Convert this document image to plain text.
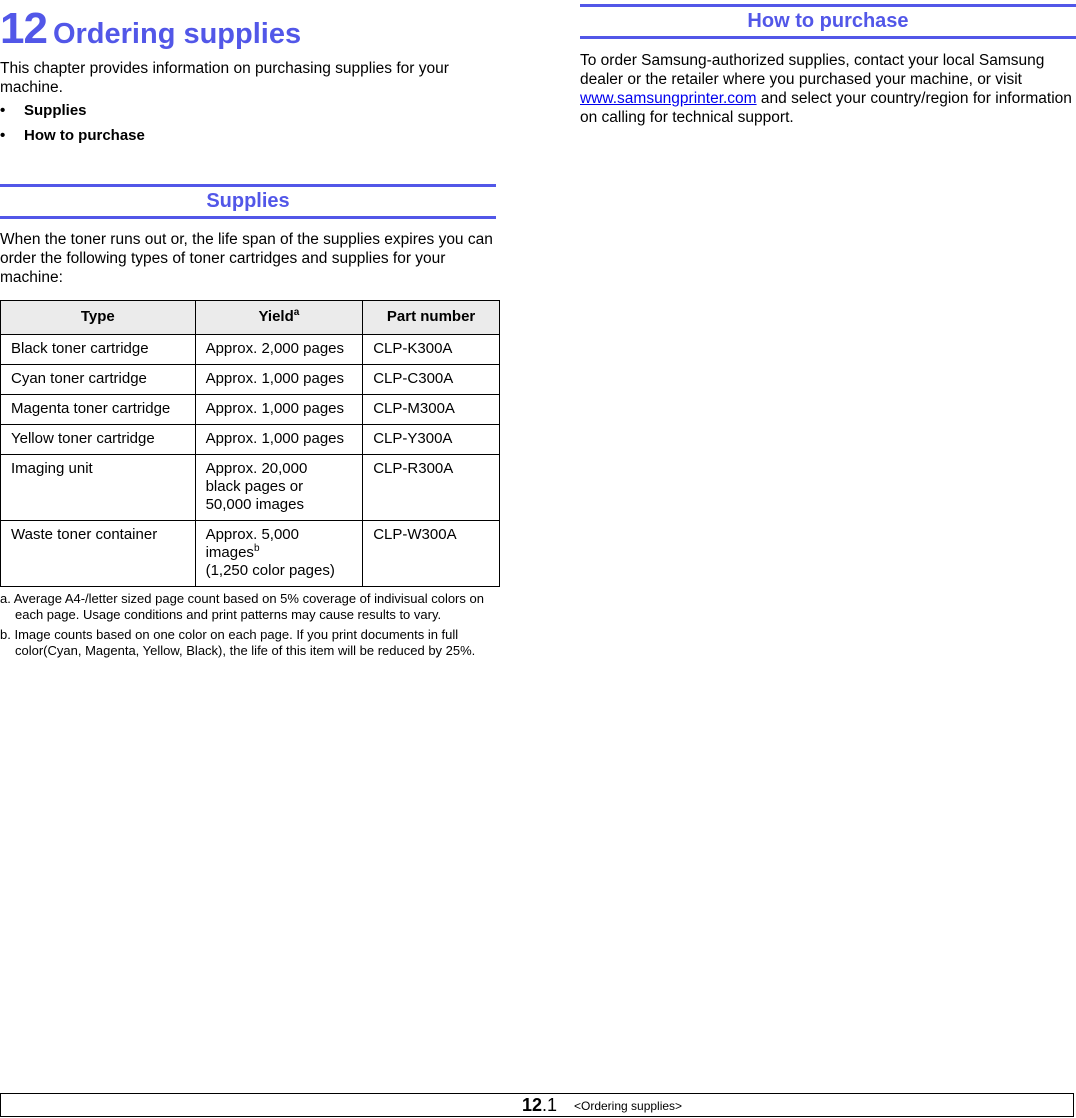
12 Ordering supplies

This chapter provides information on purchasing supplies for your machine.

• Supplies
• How to purchase
Supplies

When the toner runs out or, the life span of the supplies expires you can order the following types of toner cartridges and supplies for your machine:

Type	Yield$^a$	Part number
Black toner cartridge	Approx. 2,000 pages	CLP-K300A
Cyan toner cartridge	Approx. 1,000 pages	CLP-C300A
Magenta toner cartridge	Approx. 1,000 pages	CLP-M300A
Yellow toner cartridge	Approx. 1,000 pages	CLP-Y300A
Imaging unit	Approx. 20,000
black pages or
50,000 images	CLP-R300A
Waste toner container	Approx. 5,000
images$^b$
(1,250 color pages)	CLP-W300A

a. Average A4-/letter sized page count based on 5% coverage of indivisual colors on each page. Usage conditions and print patterns may cause results to vary.

b. Image counts based on one color on each page. If you print documents in full color(Cyan, Magenta, Yellow, Black), the life of this item will be reduced by 25%.

How to purchase

To order Samsung-authorized supplies, contact your local Samsung dealer or the retailer where you purchased your machine, or visit www.samsungprinter.com and select your country/region for information on calling for technical support.

12.1 <Ordering supplies>
